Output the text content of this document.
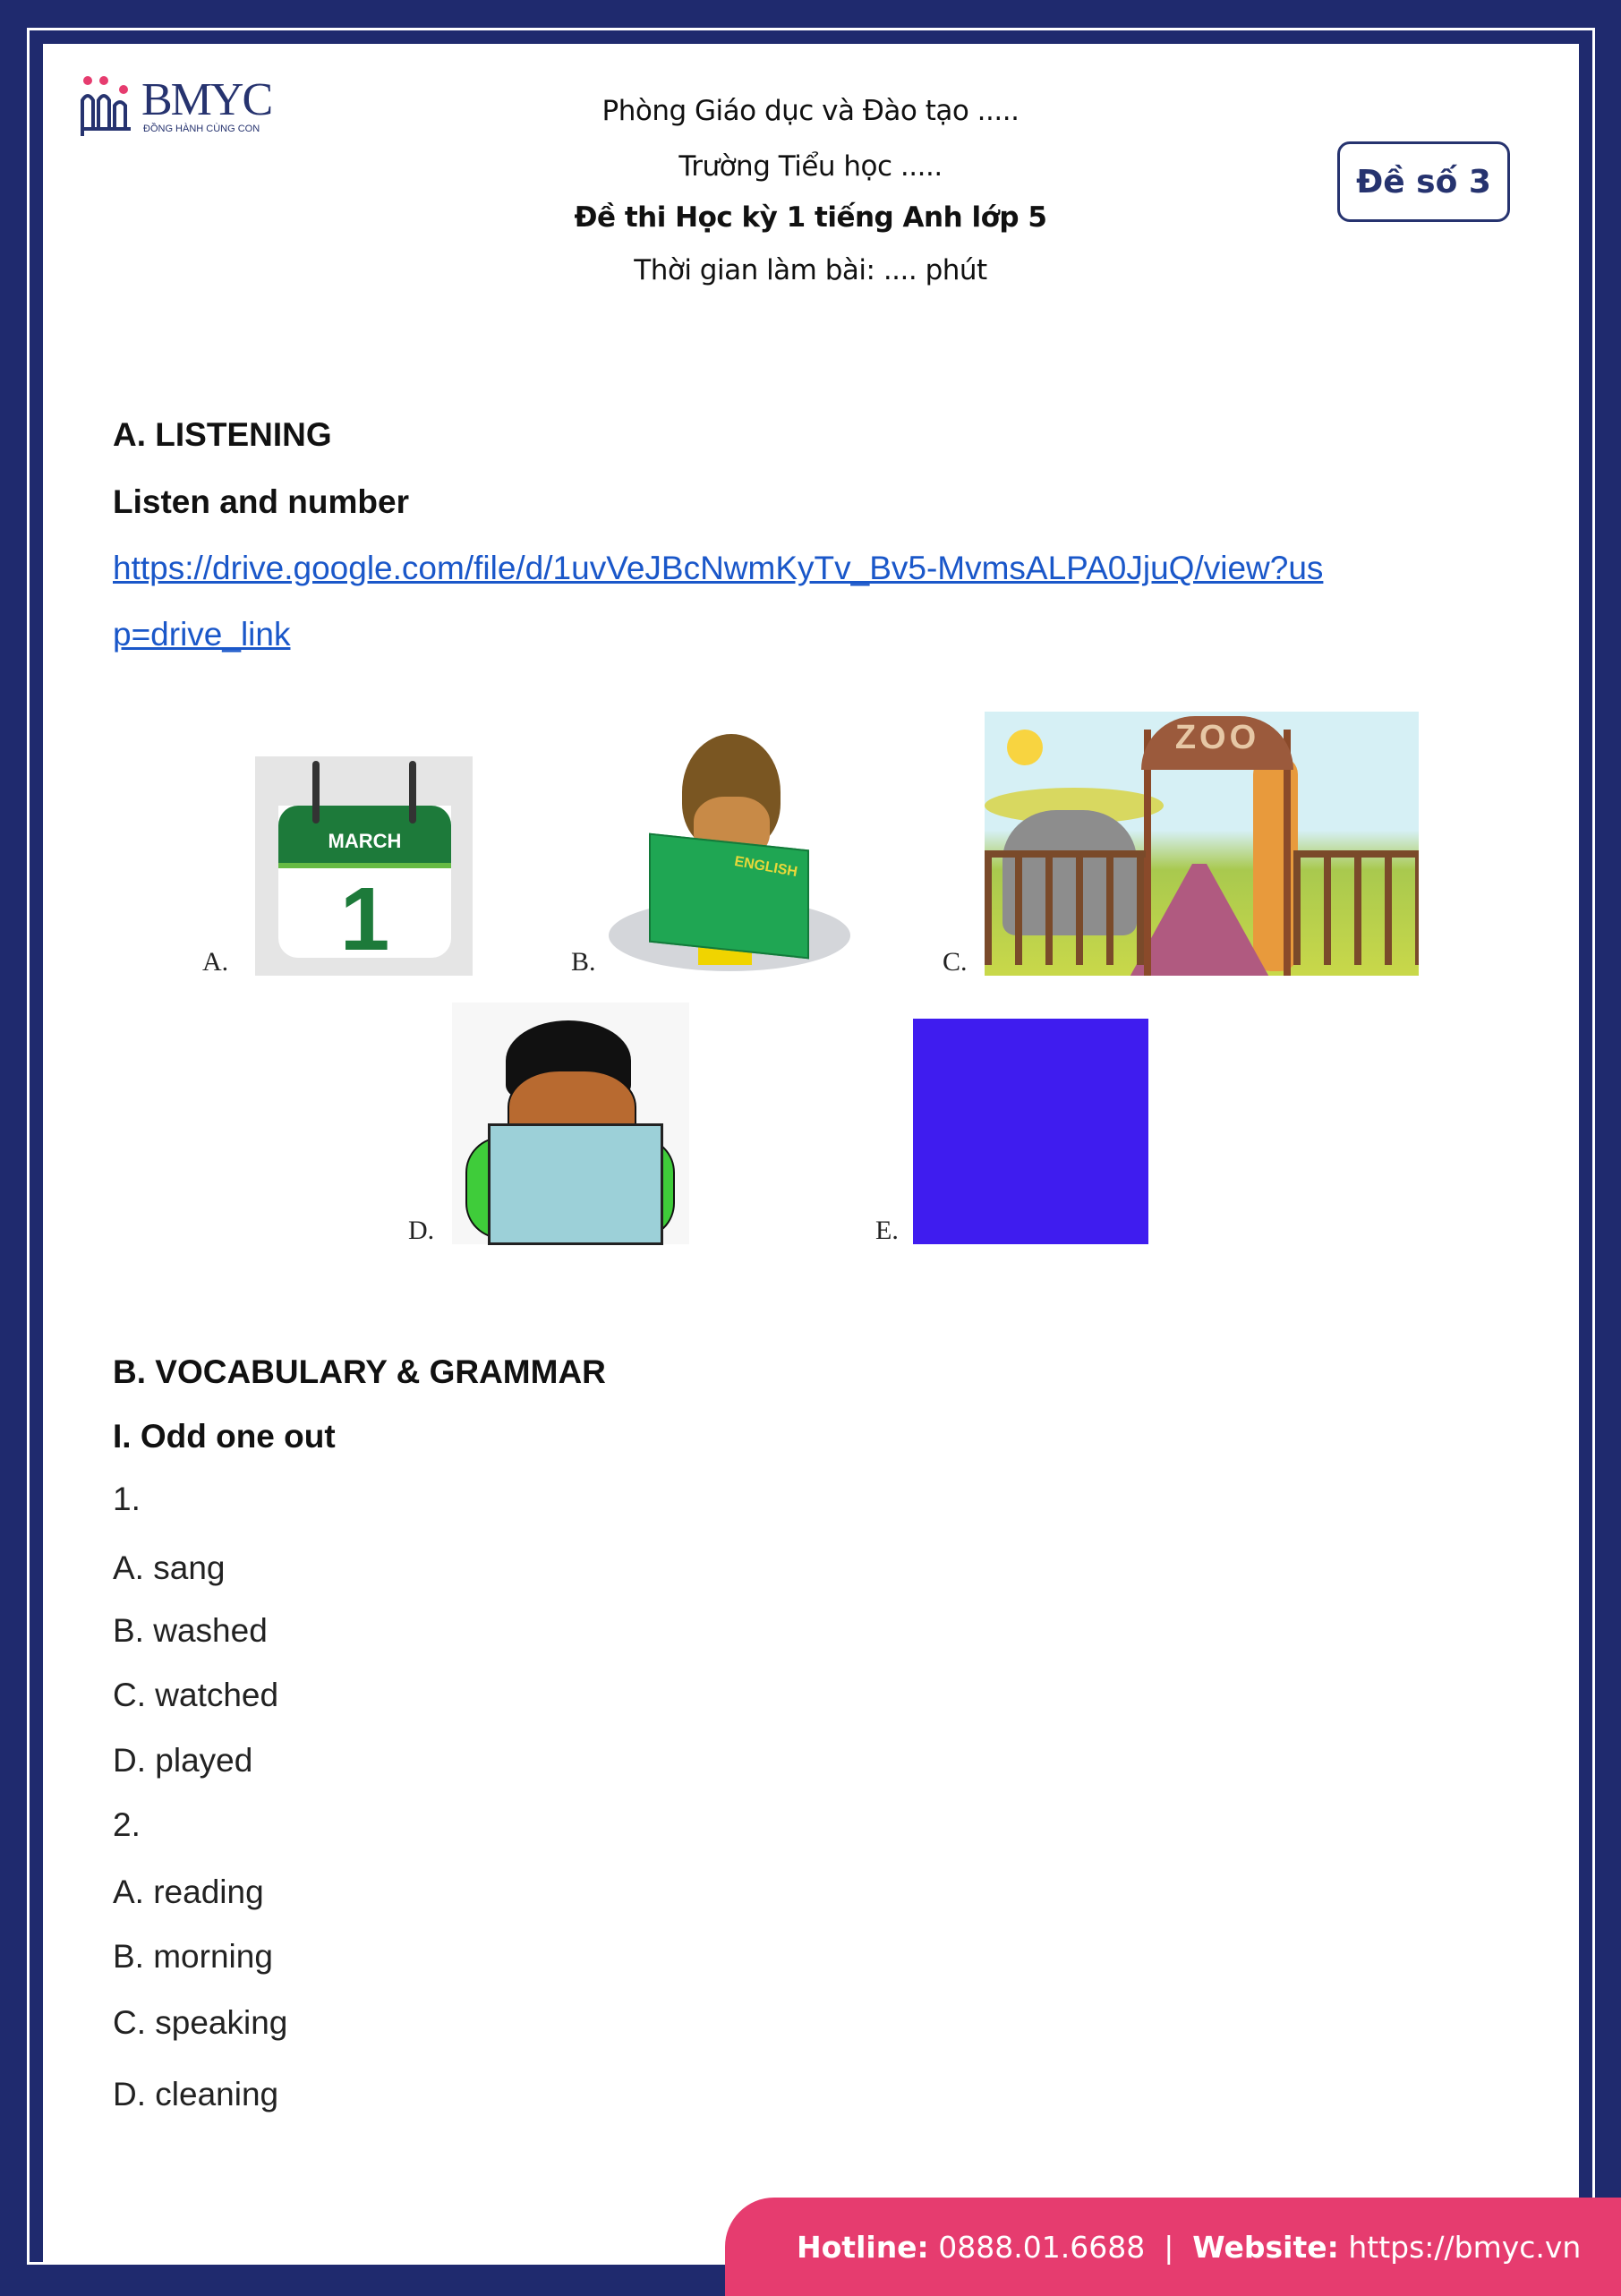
BMYC
ĐỒNG HÀNH CÙNG CON
Phòng Giáo dục và Đào tạo .....
Trường Tiểu học .....
Đề thi Học kỳ 1 tiếng Anh lớp 5
Thời gian làm bài: .... phút
Đề số 3
A. LISTENING
Listen and number
https://drive.google.com/file/d/1uvVeJBcNwmKyTv_Bv5-MvmsALPA0JjuQ/view?us
p=drive_link
A.
MARCH
1	B.
ENGLISH
C.
ZOO
D.	E.
B. VOCABULARY & GRAMMAR
I. Odd one out
1.
A. sang
B. washed
C. watched
D. played
2.
A. reading
B. morning
C. speaking
D. cleaning
Hotline:
0888.01.6688
|
Website:
https://bmyc.vn
